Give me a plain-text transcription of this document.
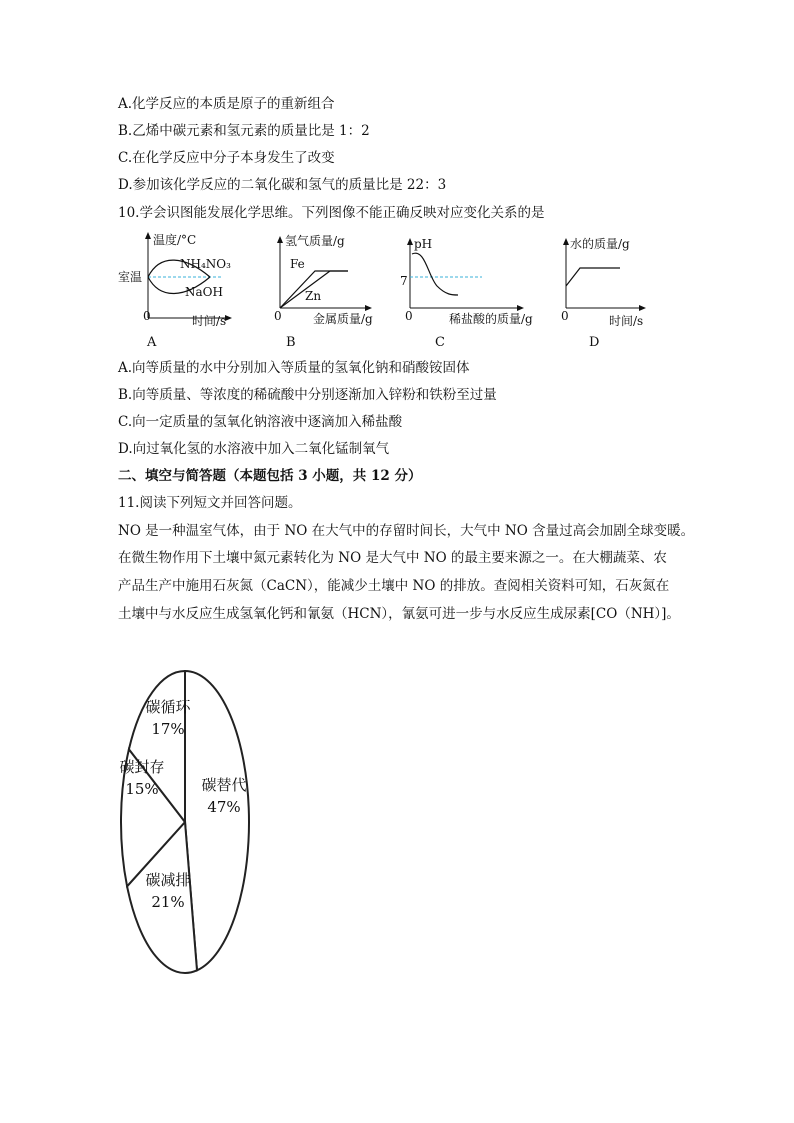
A.化学反应的本质是原子的重新组合
B.乙烯中碳元素和氢元素的质量比是 1：2
C.在化学反应中分子本身发生了改变
D.参加该化学反应的二氧化碳和氢气的质量比是 22：3
10.学会识图能发展化学思维。下列图像不能正确反映对应变化关系的是
温度/°C
室温
NH₄NO₃
NaOH
0	时间/s
A
氢气质量/g
Fe
Zn
0	金属质量/g
B
pH
7
0	稀盐酸的质量/g
C
水的质量/g
0	时间/s
D
A.向等质量的水中分别加入等质量的氢氧化钠和硝酸铵固体
B.向等质量、等浓度的稀硫酸中分别逐渐加入锌粉和铁粉至过量
C.向一定质量的氢氧化钠溶液中逐滴加入稀盐酸
D.向过氧化氢的水溶液中加入二氧化锰制氧气
二、填空与简答题（本题包括 3 小题，共 12 分）
11.阅读下列短文并回答问题。
NO 是一种温室气体，由于 NO 在大气中的存留时间长，大气中 NO 含量过高会加剧全球变暖。
在微生物作用下土壤中氮元素转化为 NO 是大气中 NO 的最主要来源之一。在大棚蔬菜、农
产品生产中施用石灰氮（CaCN），能减少土壤中 NO 的排放。查阅相关资料可知，石灰氮在
土壤中与水反应生成氢氧化钙和氰氨（HCN），氰氨可进一步与水反应生成尿素[CO（NH）]。
碳替代
47%
碳减排
21%
碳封存
15%
碳循环
17%
